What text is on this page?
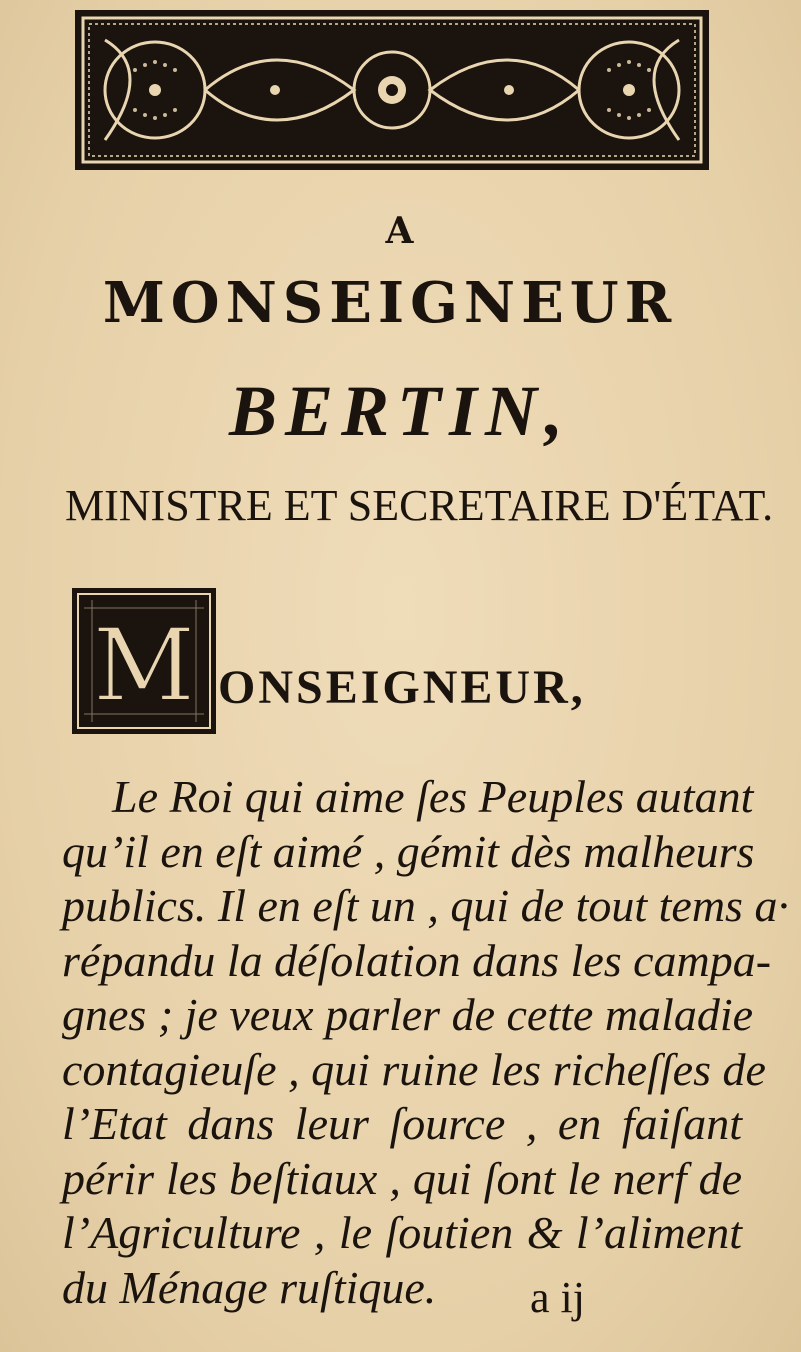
A
MONSEIGNEUR
BERTIN,
MINISTRE ET SECRETAIRE D'ÉTAT.
M ONSEIGNEUR,
Le Roi qui aime ſes Peuples autant
qu’il en eſt aimé , gémit dès malheurs
publics. Il en eſt un , qui de tout tems a·
répandu la déſolation dans les campa-
gnes ; je veux parler de cette maladie
contagieuſe , qui ruine les richeſſes de
l’Etat dans leur ſource , en faiſant
périr les beſtiaux , qui ſont le nerf de
l’Agriculture , le ſoutien & l’aliment
du Ménage ruſtique.	a ij
